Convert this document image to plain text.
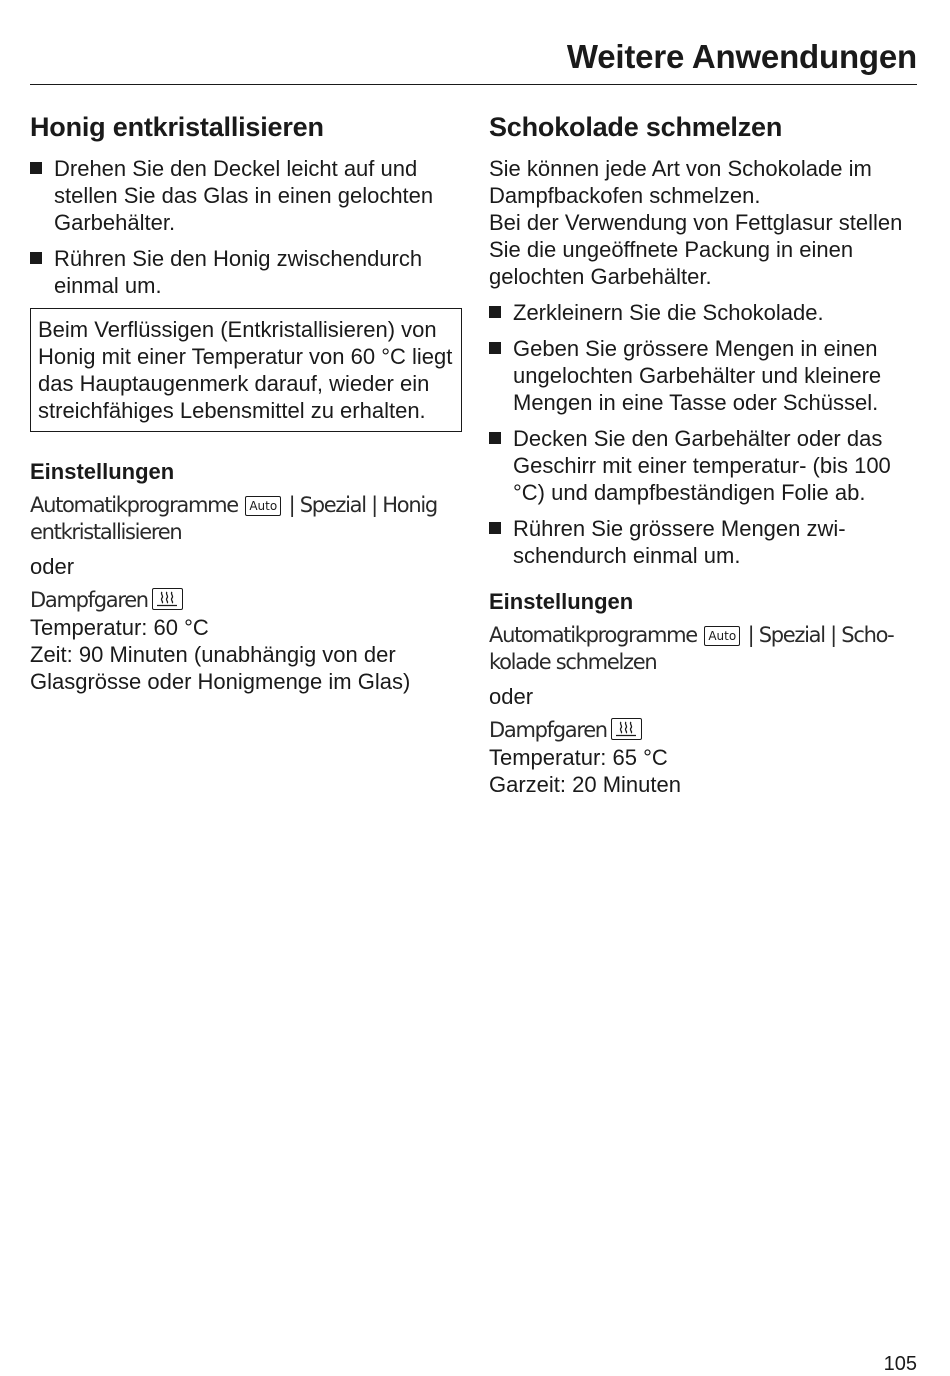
Weitere Anwendungen
Honig entkristallisieren
Drehen Sie den Deckel leicht auf und stellen Sie das Glas in einen gelochten Garbehälter.
Rühren Sie den Honig zwischendurch einmal um.
Beim Verflüssigen (Entkristallisieren) von Honig mit einer Temperatur von 60 °C liegt das Hauptaugenmerk darauf, wieder ein streichfähiges Lebensmittel zu erhalten.
Einstellungen
Automatikprogramme Auto | Spezial | Honig entkristallisieren
oder
Dampfgaren
Temperatur: 60 °C
Zeit: 90 Minuten (unabhängig von der Glasgrösse oder Honigmenge im Glas)
Schokolade schmelzen

Sie können jede Art von Schokolade im Dampfbackofen schmelzen.

Bei der Verwendung von Fettglasur stellen Sie die ungeöffnete Packung in einen gelochten Garbehälter.

Zerkleinern Sie die Schokolade.
Geben Sie grössere Mengen in einen ungelochten Garbehälter und kleinere Mengen in eine Tasse oder Schüssel.
Decken Sie den Garbehälter oder das Geschirr mit einer temperatur- (bis 100 °C) und dampfbeständigen Folie ab.
Rühren Sie grössere Mengen zwischendurch einmal um.
Einstellungen
Automatikprogramme Auto | Spezial | Schokolade schmelzen
oder
Dampfgaren
Temperatur: 65 °C
Garzeit: 20 Minuten
105
